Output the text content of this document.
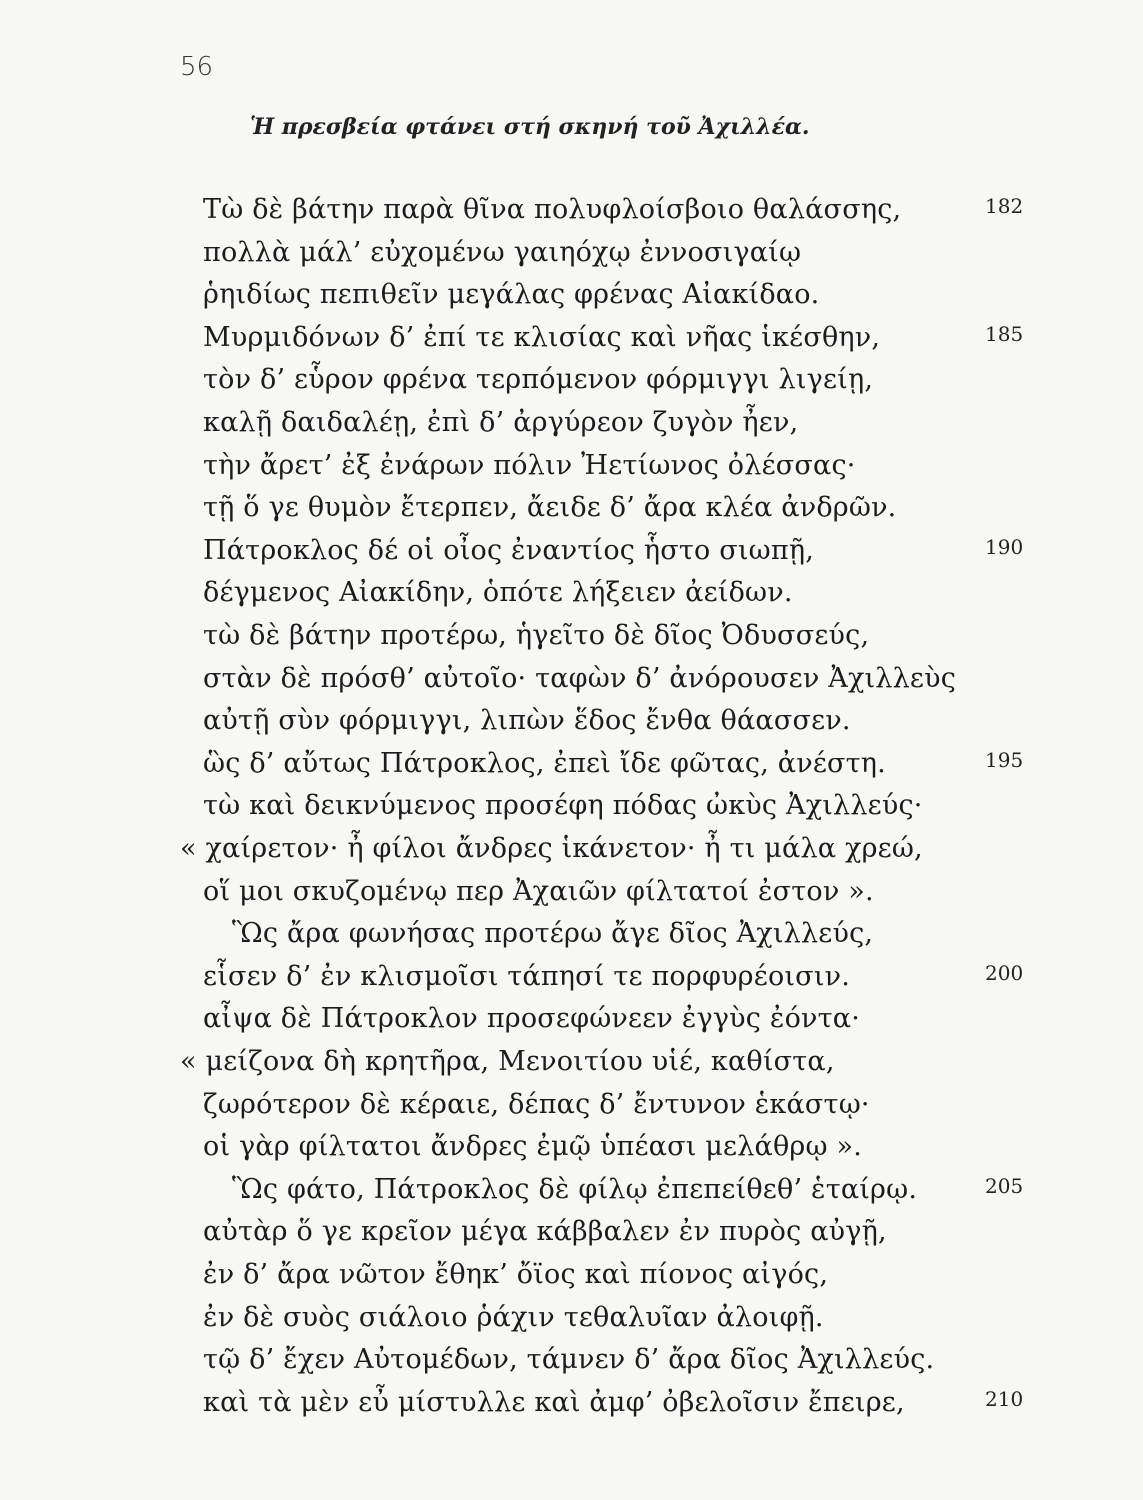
56
Ἡ πρεσβεία φτάνει στή σκηνή τοῦ Ἀχιλλέα.
Τὼ δὲ βάτην παρὰ θῖνα πολυφλοίσβοιο θαλάσσης,	182
πολλὰ μάλ’ εὐχομένω γαιηόχῳ ἐννοσιγαίῳ
ῥηιδίως πεπιθεῖν μεγάλας φρένας Αἰακίδαο.
Μυρμιδόνων δ’ ἐπί τε κλισίας καὶ νῆας ἱκέσθην,	185
τὸν δ’ εὗρον φρένα τερπόμενον φόρμιγγι λιγείῃ,
καλῇ δαιδαλέῃ, ἐπὶ δ’ ἀργύρεον ζυγὸν ἦεν,
τὴν ἄρετ’ ἐξ ἐνάρων πόλιν Ἠετίωνος ὀλέσσας·
τῇ ὅ γε θυμὸν ἔτερπεν, ἄειδε δ’ ἄρα κλέα ἀνδρῶν.
Πάτροκλος δέ οἱ οἶος ἐναντίος ἧστο σιωπῇ,	190
δέγμενος Αἰακίδην, ὁπότε λήξειεν ἀείδων.
τὼ δὲ βάτην προτέρω, ἡγεῖτο δὲ δῖος Ὀδυσσεύς,
στὰν δὲ πρόσθ’ αὐτοῖο· ταφὼν δ’ ἀνόρουσεν Ἀχιλλεὺς
αὐτῇ σὺν φόρμιγγι, λιπὼν ἕδος ἔνθα θάασσεν.
ὣς δ’ αὔτως Πάτροκλος, ἐπεὶ ἴδε φῶτας, ἀνέστη.	195
τὼ καὶ δεικνύμενος προσέφη πόδας ὠκὺς Ἀχιλλεύς·
« χαίρετον· ἦ φίλοι ἄνδρες ἱκάνετον· ἦ τι μάλα χρεώ,
οἵ μοι σκυζομένῳ περ Ἀχαιῶν φίλτατοί ἐστον ».
Ὣς ἄρα φωνήσας προτέρω ἄγε δῖος Ἀχιλλεύς,
εἷσεν δ’ ἐν κλισμοῖσι τάπησί τε πορφυρέοισιν.	200
αἶψα δὲ Πάτροκλον προσεφώνεεν ἐγγὺς ἐόντα·
« μείζονα δὴ κρητῆρα, Μενοιτίου υἱέ, καθίστα,
ζωρότερον δὲ κέραιε, δέπας δ’ ἔντυνον ἑκάστῳ·
οἱ γὰρ φίλτατοι ἄνδρες ἐμῷ ὑπέασι μελάθρῳ ».
Ὣς φάτο, Πάτροκλος δὲ φίλῳ ἐπεπείθεθ’ ἑταίρῳ.	205
αὐτὰρ ὅ γε κρεῖον μέγα κάββαλεν ἐν πυρὸς αὐγῇ,
ἐν δ’ ἄρα νῶτον ἔθηκ’ ὄϊος καὶ πίονος αἰγός,
ἐν δὲ συὸς σιάλοιο ῥάχιν τεθαλυῖαν ἀλοιφῇ.
τῷ δ’ ἔχεν Αὐτομέδων, τάμνεν δ’ ἄρα δῖος Ἀχιλλεύς.
καὶ τὰ μὲν εὖ μίστυλλε καὶ ἀμφ’ ὀβελοῖσιν ἔπειρε,	210
